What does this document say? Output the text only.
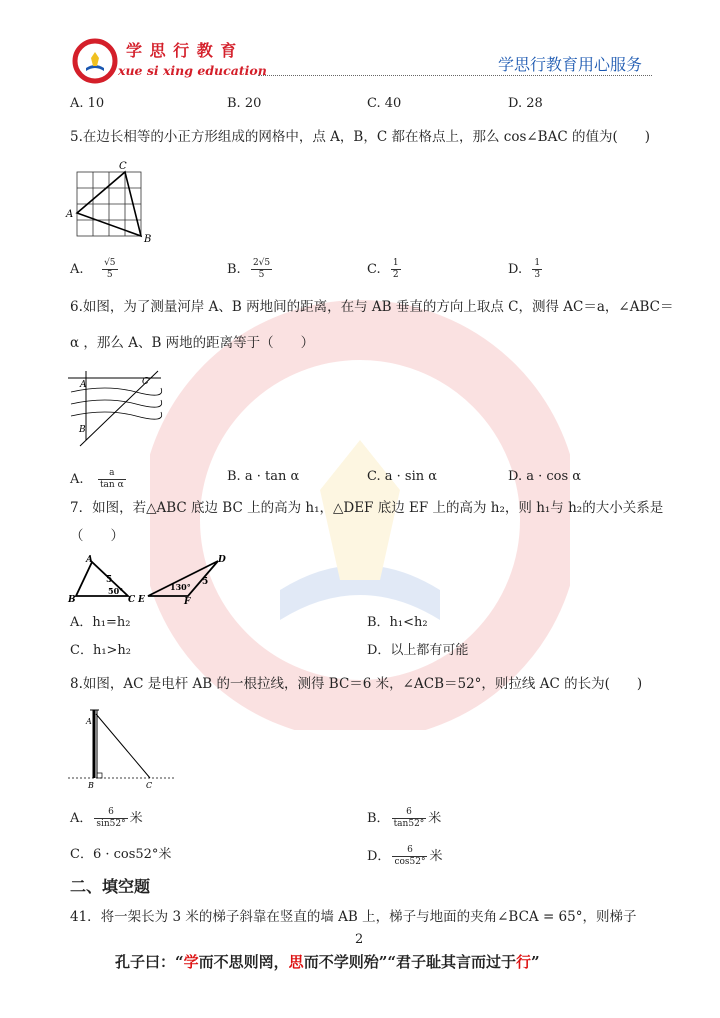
学 思 行 教 育
xue si xing education	学思行教育用心服务
A. 10	B. 20	C. 40	D. 28
5.在边长相等的小正方形组成的网格中，点 A，B，C 都在格点上，那么 cos∠BAC 的值为(　　)
A
C
B
A. $\frac{√5}{5}$	B. $\frac{2√5}{5}$	C. $\frac{1}{2}$	D. $\frac{1}{3}$
6.如图，为了测量河岸 A、B 两地间的距离，在与 AB 垂直的方向上取点 C，测得 AC＝a，∠ABC＝
α ，那么 A、B 两地的距离等于（　　）
A	C
B
A. $\frac{a}{\text{tan α}}$	B. a · tan α	C. a · sin α	D. a · cos α
7．如图，若△ABC 底边 BC 上的高为 h₁，△DEF 底边 EF 上的高为 h₂，则 h₁与 h₂的大小关系是
（　　）
A
B	C
5
50°
E	F
D
130° 5
A．h₁=h₂	B．h₁<h₂
C．h₁>h₂	D．以上都有可能
8.如图，AC 是电杆 AB 的一根拉线，测得 BC＝6 米，∠ACB＝52°，则拉线 AC 的长为(　　)
A
B	C
A． $\frac{6}{\sin 52^\circ}$ 米	B． $\frac{6}{\tan 52^\circ}$ 米
C．6 · cos52°米	D． $\frac{6}{\cos 52^\circ}$ 米
二、填空题
41．将一架长为 3 米的梯子斜靠在竖直的墙 AB 上，梯子与地面的夹角∠BCA = 65°，则梯子
2
孔子曰：“学而不思则罔，思而不学则殆”“君子耻其言而过于行”
